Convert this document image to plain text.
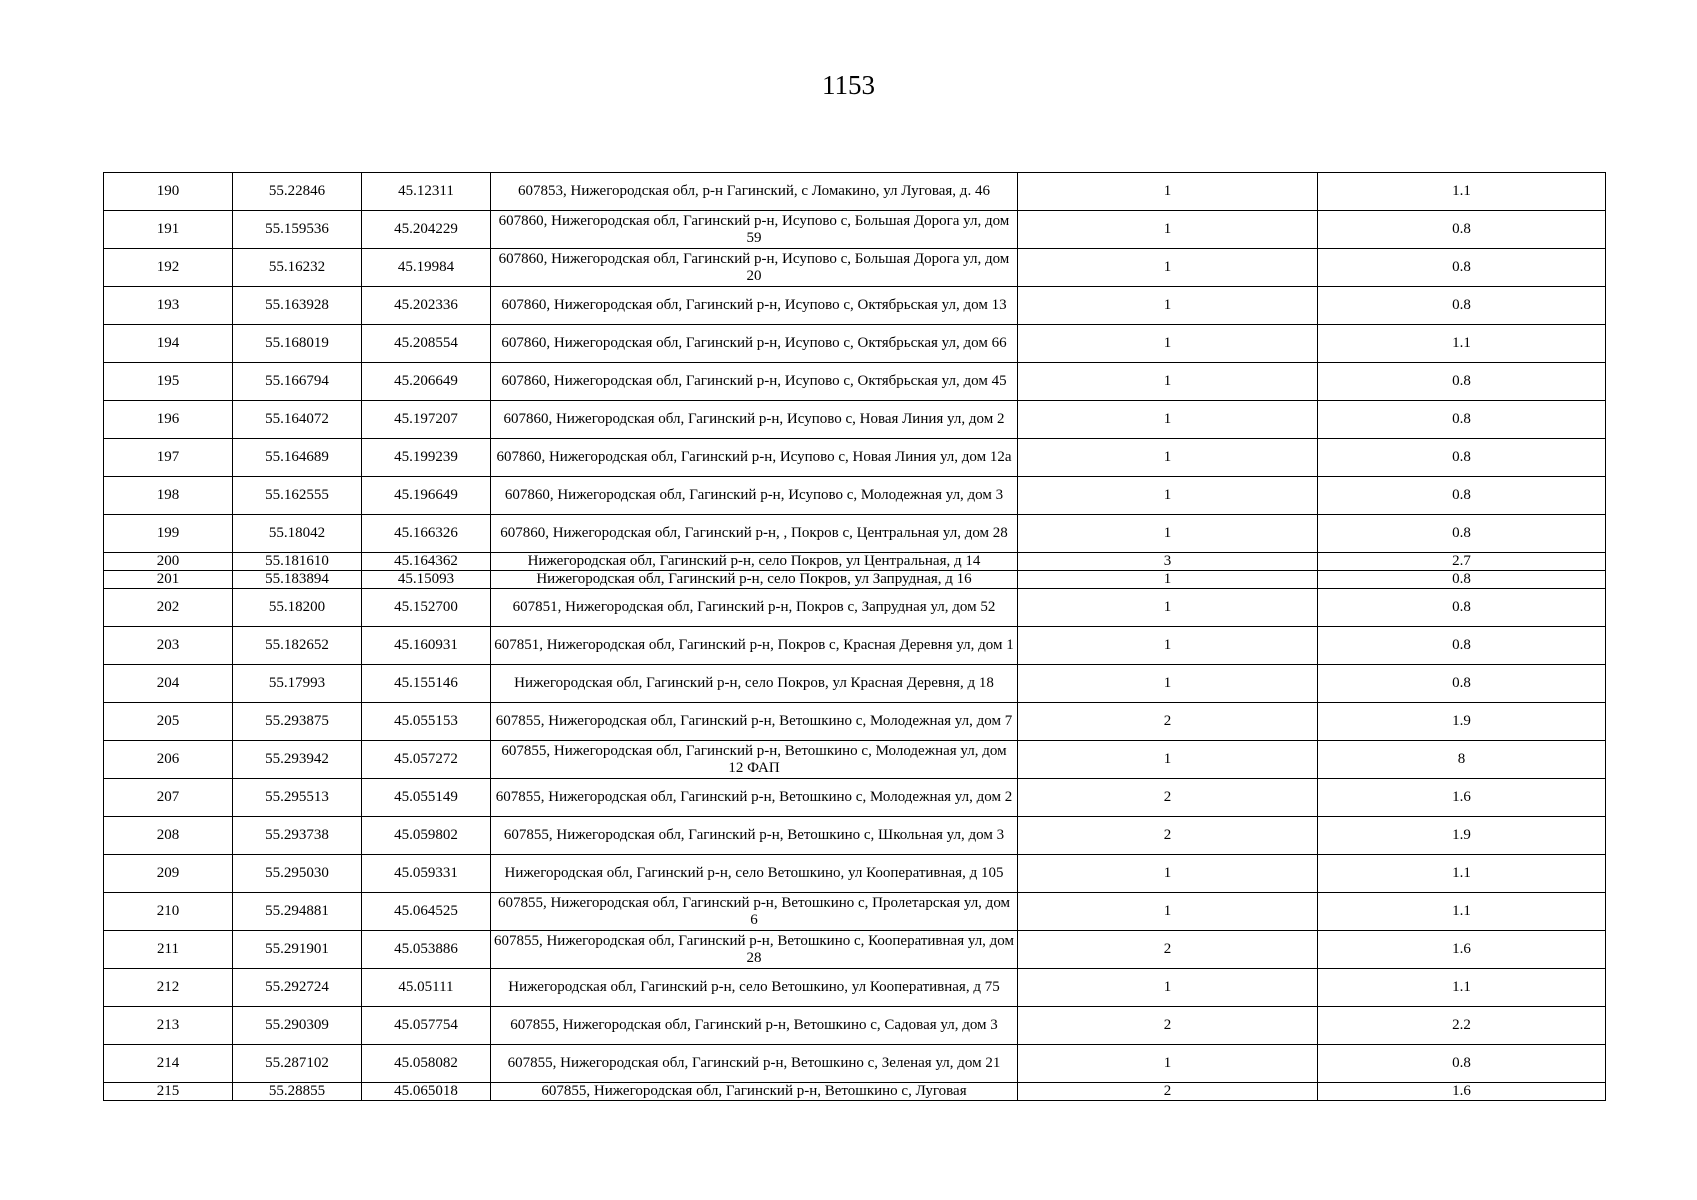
1153
190	55.22846	45.12311	607853, Нижегородская обл, р-н Гагинский, с Ломакино, ул Луговая, д. 46	1	1.1
191	55.159536	45.204229	607860, Нижегородская обл, Гагинский р-н, Исупово с, Большая Дорога ул, дом 59	1	0.8
192	55.16232	45.19984	607860, Нижегородская обл, Гагинский р-н, Исупово с, Большая Дорога ул, дом 20	1	0.8
193	55.163928	45.202336	607860, Нижегородская обл, Гагинский р-н, Исупово с, Октябрьская ул, дом 13	1	0.8
194	55.168019	45.208554	607860, Нижегородская обл, Гагинский р-н, Исупово с, Октябрьская ул, дом 66	1	1.1
195	55.166794	45.206649	607860, Нижегородская обл, Гагинский р-н, Исупово с, Октябрьская ул, дом 45	1	0.8
196	55.164072	45.197207	607860, Нижегородская обл, Гагинский р-н, Исупово с, Новая Линия ул, дом 2	1	0.8
197	55.164689	45.199239	607860, Нижегородская обл, Гагинский р-н, Исупово с, Новая Линия ул, дом 12а	1	0.8
198	55.162555	45.196649	607860, Нижегородская обл, Гагинский р-н, Исупово с, Молодежная ул, дом 3	1	0.8
199	55.18042	45.166326	607860, Нижегородская обл, Гагинский р-н, , Покров с, Центральная ул, дом 28	1	0.8
200	55.181610	45.164362	Нижегородская обл, Гагинский р-н, село Покров, ул Центральная, д 14	3	2.7
201	55.183894	45.15093	Нижегородская обл, Гагинский р-н, село Покров, ул Запрудная, д 16	1	0.8
202	55.18200	45.152700	607851, Нижегородская обл, Гагинский р-н, Покров с, Запрудная ул, дом 52	1	0.8
203	55.182652	45.160931	607851, Нижегородская обл, Гагинский р-н, Покров с, Красная Деревня ул, дом 1	1	0.8
204	55.17993	45.155146	Нижегородская обл, Гагинский р-н, село Покров, ул Красная Деревня, д 18	1	0.8
205	55.293875	45.055153	607855, Нижегородская обл, Гагинский р-н, Ветошкино с, Молодежная ул, дом 7	2	1.9
206	55.293942	45.057272	607855, Нижегородская обл, Гагинский р-н, Ветошкино с, Молодежная ул, дом 12 ФАП	1	8
207	55.295513	45.055149	607855, Нижегородская обл, Гагинский р-н, Ветошкино с, Молодежная ул, дом 2	2	1.6
208	55.293738	45.059802	607855, Нижегородская обл, Гагинский р-н, Ветошкино с, Школьная ул, дом 3	2	1.9
209	55.295030	45.059331	Нижегородская обл, Гагинский р-н, село Ветошкино, ул Кооперативная, д 105	1	1.1
210	55.294881	45.064525	607855, Нижегородская обл, Гагинский р-н, Ветошкино с, Пролетарская ул, дом 6	1	1.1
211	55.291901	45.053886	607855, Нижегородская обл, Гагинский р-н, Ветошкино с, Кооперативная ул, дом 28	2	1.6
212	55.292724	45.05111	Нижегородская обл, Гагинский р-н, село Ветошкино, ул Кооперативная, д 75	1	1.1
213	55.290309	45.057754	607855, Нижегородская обл, Гагинский р-н, Ветошкино с, Садовая ул, дом 3	2	2.2
214	55.287102	45.058082	607855, Нижегородская обл, Гагинский р-н, Ветошкино с, Зеленая ул, дом 21	1	0.8
215	55.28855	45.065018	607855, Нижегородская обл, Гагинский р-н, Ветошкино с, Луговая	2	1.6
